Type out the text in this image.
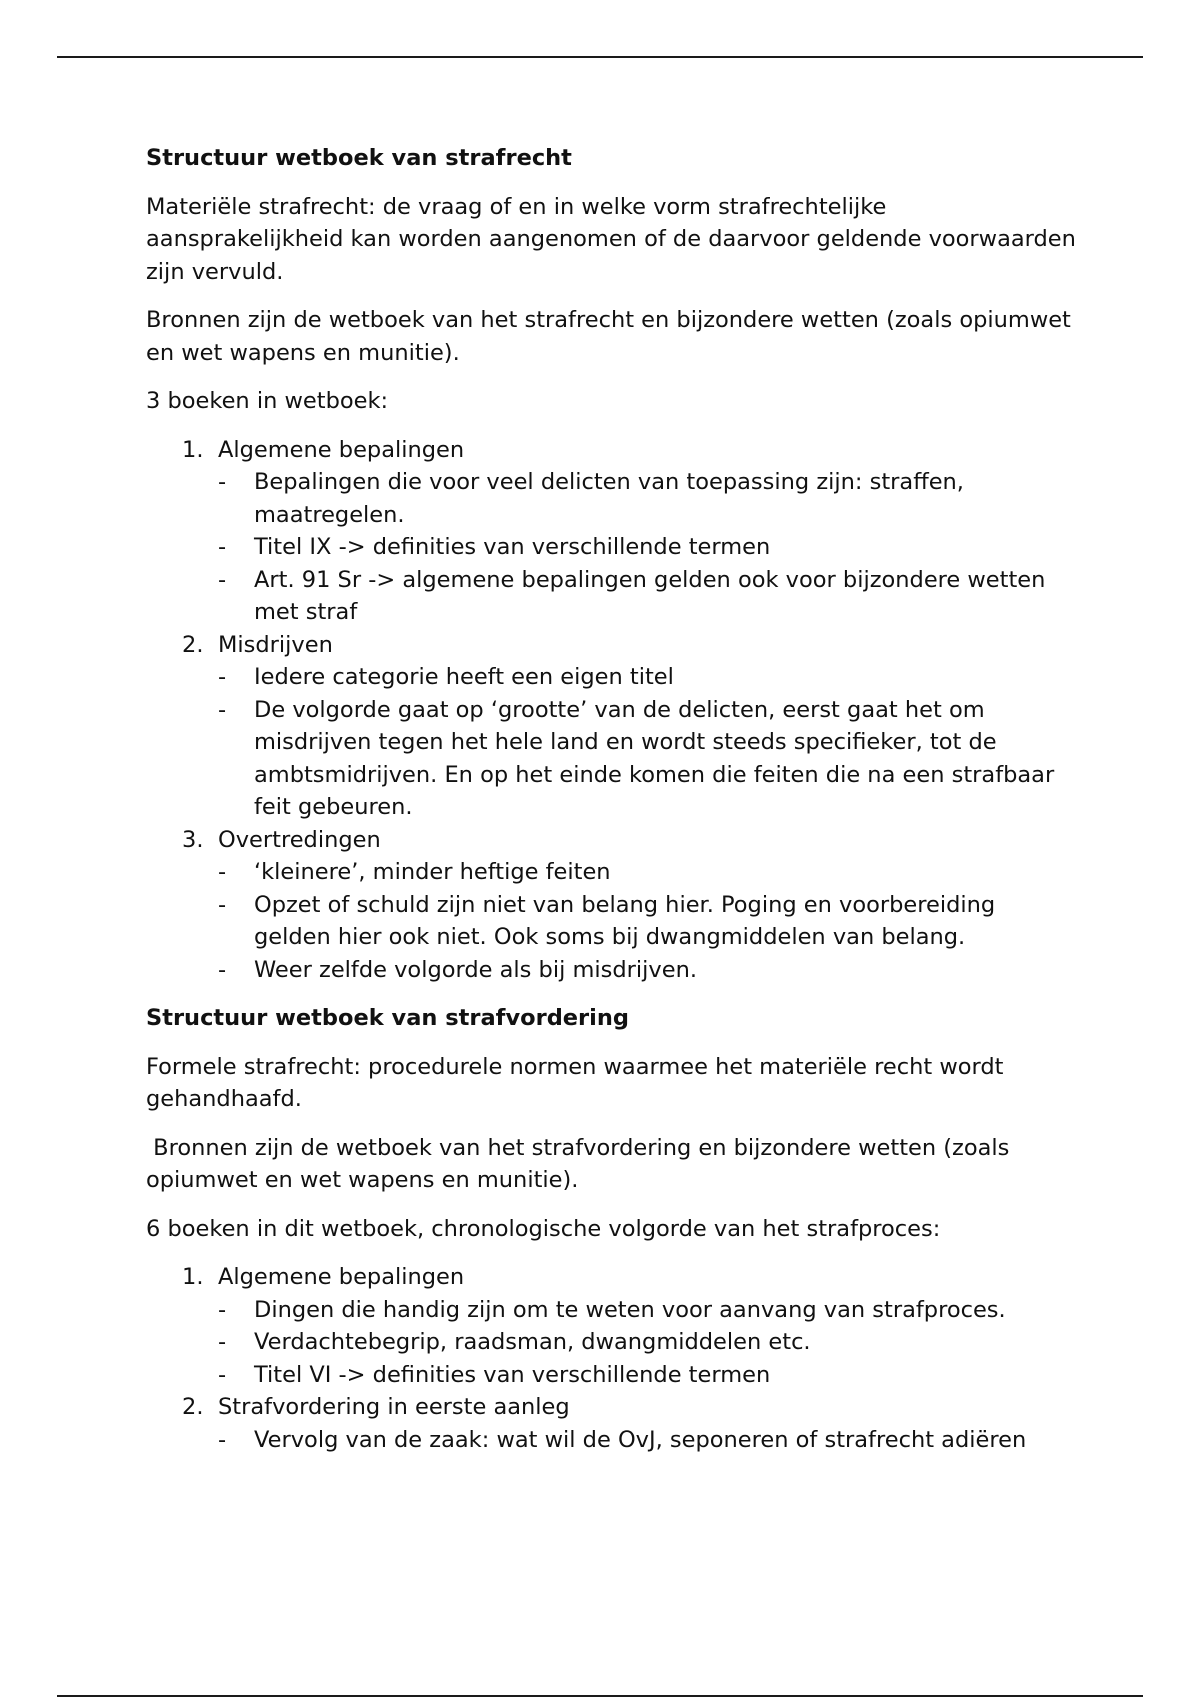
Structuur wetboek van strafrecht

Materiële strafrecht: de vraag of en in welke vorm strafrechtelijke aansprakelijkheid kan worden aangenomen of de daarvoor geldende voorwaarden zijn vervuld.

Bronnen zijn de wetboek van het strafrecht en bijzondere wetten (zoals opiumwet en wet wapens en munitie).

3 boeken in wetboek:

1. Algemene bepalingen
- Bepalingen die voor veel delicten van toepassing zijn: straffen, maatregelen.
- Titel IX -> definities van verschillende termen
- Art. 91 Sr -> algemene bepalingen gelden ook voor bijzondere wetten met straf
2. Misdrijven
- Iedere categorie heeft een eigen titel
- De volgorde gaat op ‘grootte’ van de delicten, eerst gaat het om misdrijven tegen het hele land en wordt steeds specifieker, tot de ambtsmidrijven. En op het einde komen die feiten die na een strafbaar feit gebeuren.
3. Overtredingen
- ‘kleinere’, minder heftige feiten
- Opzet of schuld zijn niet van belang hier. Poging en voorbereiding gelden hier ook niet. Ook soms bij dwangmiddelen van belang.
- Weer zelfde volgorde als bij misdrijven.
Structuur wetboek van strafvordering

Formele strafrecht: procedurele normen waarmee het materiële recht wordt gehandhaafd.

Bronnen zijn de wetboek van het strafvordering en bijzondere wetten (zoals opiumwet en wet wapens en munitie).

6 boeken in dit wetboek, chronologische volgorde van het strafproces:

1. Algemene bepalingen
- Dingen die handig zijn om te weten voor aanvang van strafproces.
- Verdachtebegrip, raadsman, dwangmiddelen etc.
- Titel VI -> definities van verschillende termen
2. Strafvordering in eerste aanleg
- Vervolg van de zaak: wat wil de OvJ, seponeren of strafrecht adiëren
